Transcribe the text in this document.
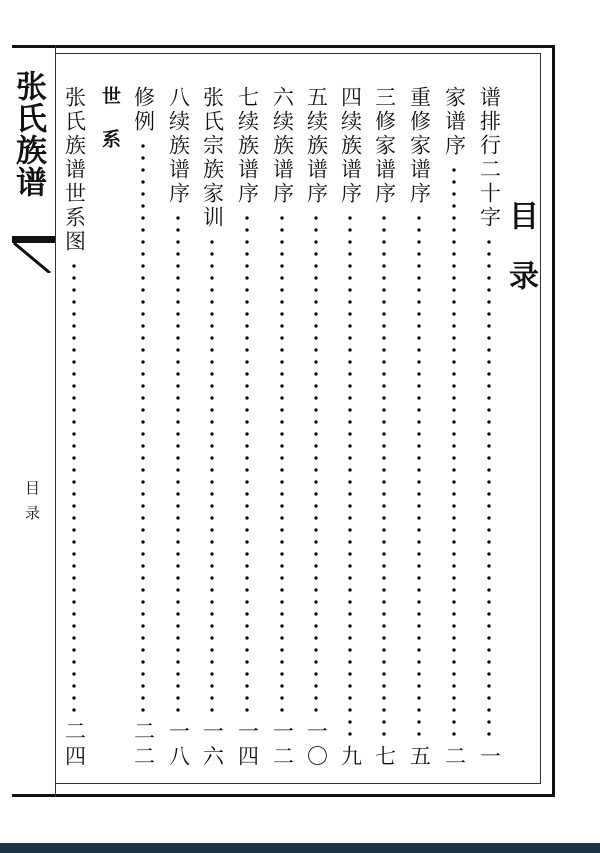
张氏族谱
目录
目录
谱排行二十字
一
家谱序
二
重修家谱序
五
三修家谱序
七
四续族谱序
九
五续族谱序
一〇
六续族谱序
一二
七续族谱序
一四
张氏宗族家训
一六
八续族谱序
一八
修例
二二
世系
张氏族谱世系图
二四
